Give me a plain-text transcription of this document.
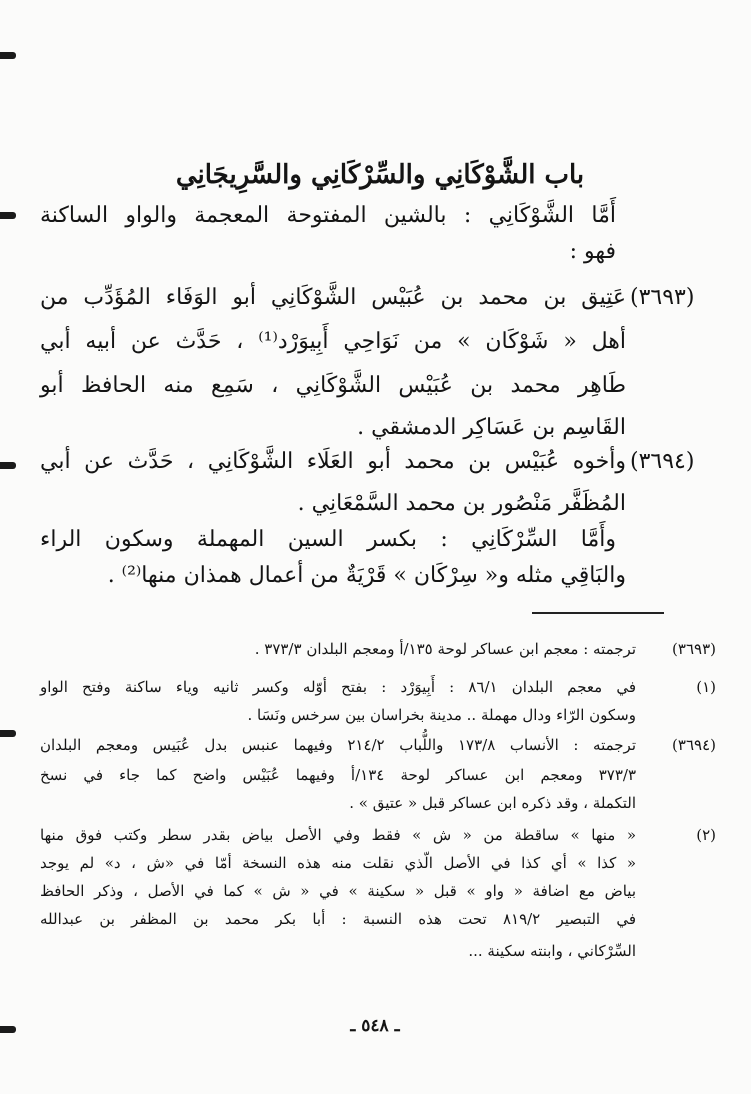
باب الشَّوْكَانِي والسِّرْكَانِي والسَّرِيجَانِي
أَمَّا الشَّوْكَانِي : بالشين المفتوحة المعجمة والواو الساكنة
فهو :
(٣٦٩٣)
عَتِيق بن محمد بن عُبَيْس الشَّوْكَانِي أبو الوَفَاء المُؤَدِّب من
أهل « شَوْكَان » من نَوَاحِي أَبِيوَرْد⁽¹⁾ ، حَدَّث عن أبيه أبي
طَاهِر محمد بن عُبَيْس الشَّوْكَانِي ، سَمِع منه الحافظ أبو
القَاسِم بن عَسَاكِر الدمشقي .
(٣٦٩٤)
وأخوه عُبَيْس بن محمد أبو العَلَاء الشَّوْكَانِي ، حَدَّث عن أبي
المُظَفَّر مَنْصُور بن محمد السَّمْعَانِي .
وأَمَّا السِّرْكَانِي : بكسر السين المهملة وسكون الراء
والبَاقِي مثله و« سِرْكَان » قَرْيَةٌ من أعمال همذان منها⁽²⁾ .
(٣٦٩٣)
ترجمته : معجم ابن عساكر لوحة ١٣٥/أ ومعجم البلدان ٣٧٣/٣ .
(١)
في معجم البلدان ٨٦/١ : أَبِيوَرْد : بفتح أوّله وكسر ثانيه وياء ساكنة وفتح الواو
وسكون الرّاء ودال مهملة .. مدينة بخراسان بين سرخس ونَسَا .
(٣٦٩٤)
ترجمته : الأنساب ١٧٣/٨ واللُّباب ٢١٤/٢ وفيهما عنبس بدل عُبَيس ومعجم البلدان
٣٧٣/٣ ومعجم ابن عساكر لوحة ١٣٤/أ وفيهما عُبَيْس واضح كما جاء في نسخ
التكملة ، وقد ذكره ابن عساكر قبل « عتيق » .
(٢)
« منها » ساقطة من « ش » فقط وفي الأصل بياض بقدر سطر وكتب فوق منها
« كذا » أي كذا في الأصل الّذي نقلت منه هذه النسخة أمّا في «ش ، د» لم يوجد
بياض مع اضافة « واو » قبل « سكينة » في « ش » كما في الأصل ، وذكر الحافظ
في التبصير ٨١٩/٢ تحت هذه النسبة : أبا بكر محمد بن المظفر بن عبدالله
السِّرْكاني ، وابنته سكينة ...
ـ ٥٤٨ ـ
